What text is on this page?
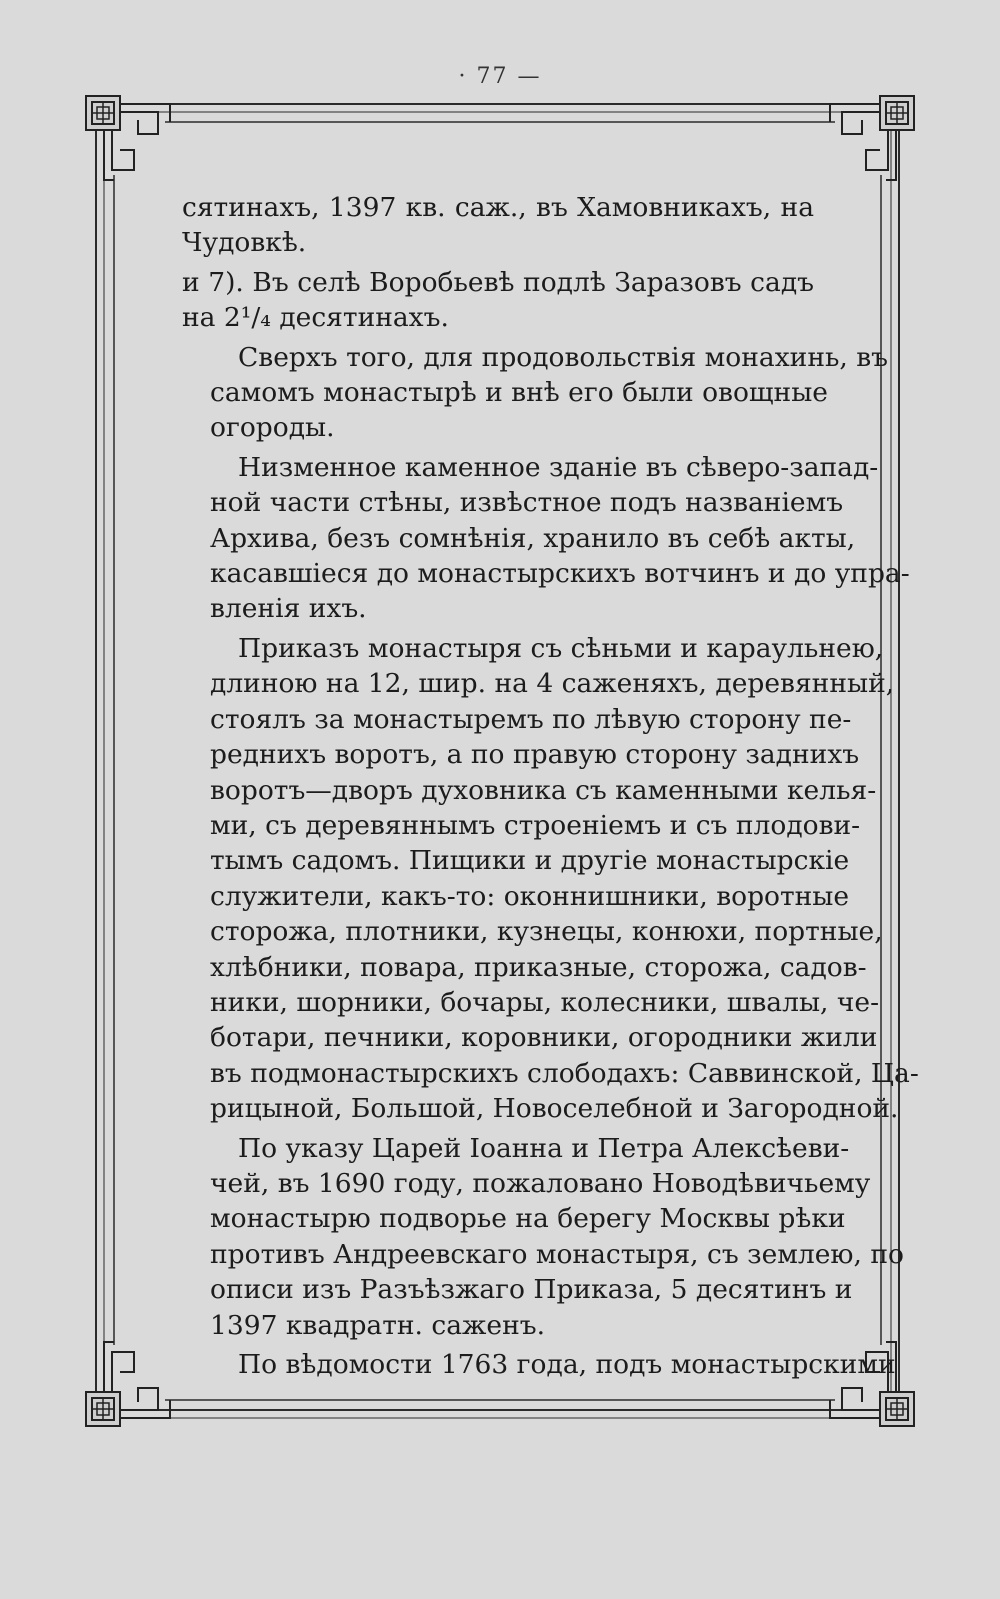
· 77 —
сятинахъ, 1397 кв. саж., въ Хамовникахъ, на
Чудовкѣ.
и 7). Въ селѣ Воробьевѣ подлѣ Заразовъ садъ
на 2¹/₄ десятинахъ.
Сверхъ того, для продовольствія монахинь, въ
самомъ монастырѣ и внѣ его были овощные
огороды.
Низменное каменное зданіе въ сѣверо-запад-
ной части стѣны, извѣстное подъ названіемъ
Архива, безъ сомнѣнія, хранило въ себѣ акты,
касавшіеся до монастырскихъ вотчинъ и до упра-
вленія ихъ.
Приказъ монастыря съ сѣньми и караульнею,
длиною на 12, шир. на 4 саженяхъ, деревянный,
стоялъ за монастыремъ по лѣвую сторону пе-
реднихъ воротъ, а по правую сторону заднихъ
воротъ—дворъ духовника съ каменными келья-
ми, съ деревяннымъ строеніемъ и съ плодови-
тымъ садомъ. Пищики и другіе монастырскіе
служители, какъ-то: оконнишники, воротные
сторожа, плотники, кузнецы, конюхи, портные,
хлѣбники, повара, приказные, сторожа, садов-
ники, шорники, бочары, колесники, швалы, че-
ботари, печники, коровники, огородники жили
въ подмонастырскихъ слободахъ: Саввинской, Ца-
рицыной, Большой, Новоселебной и Загородной.
По указу Царей Іоанна и Петра Алексѣеви-
чей, въ 1690 году, пожаловано Новодѣвичьему
монастырю подворье на берегу Москвы рѣки
противъ Андреевскаго монастыря, съ землею, по
описи изъ Разъѣзжаго Приказа, 5 десятинъ и
1397 квадратн. саженъ.
По вѣдомости 1763 года, подъ монастырскими
